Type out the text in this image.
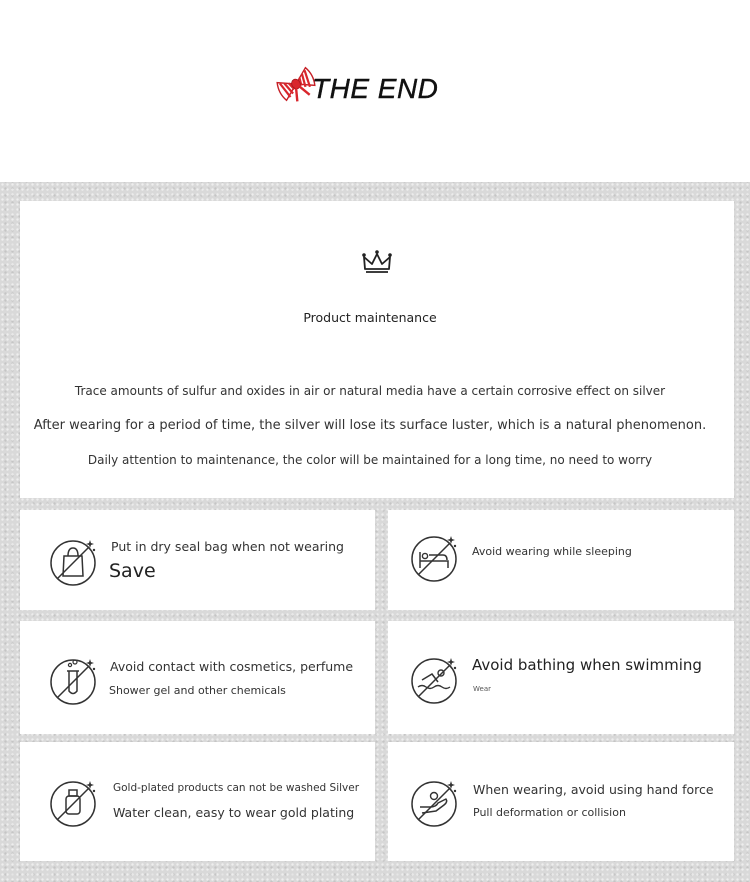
THE END
Product maintenance
Trace amounts of sulfur and oxides in air or natural media have a certain corrosive effect on silver
After wearing for a period of time, the silver will lose its surface luster, which is a natural phenomenon.
Daily attention to maintenance, the color will be maintained for a long time, no need to worry
Put in dry seal bag when not wearing
Save
Avoid wearing while sleeping
Avoid contact with cosmetics, perfume
Shower gel and other chemicals
Avoid bathing when swimming
Wear
Gold-plated products can not be washed Silver
Water clean, easy to wear gold plating
When wearing, avoid using hand force
Pull deformation or collision
